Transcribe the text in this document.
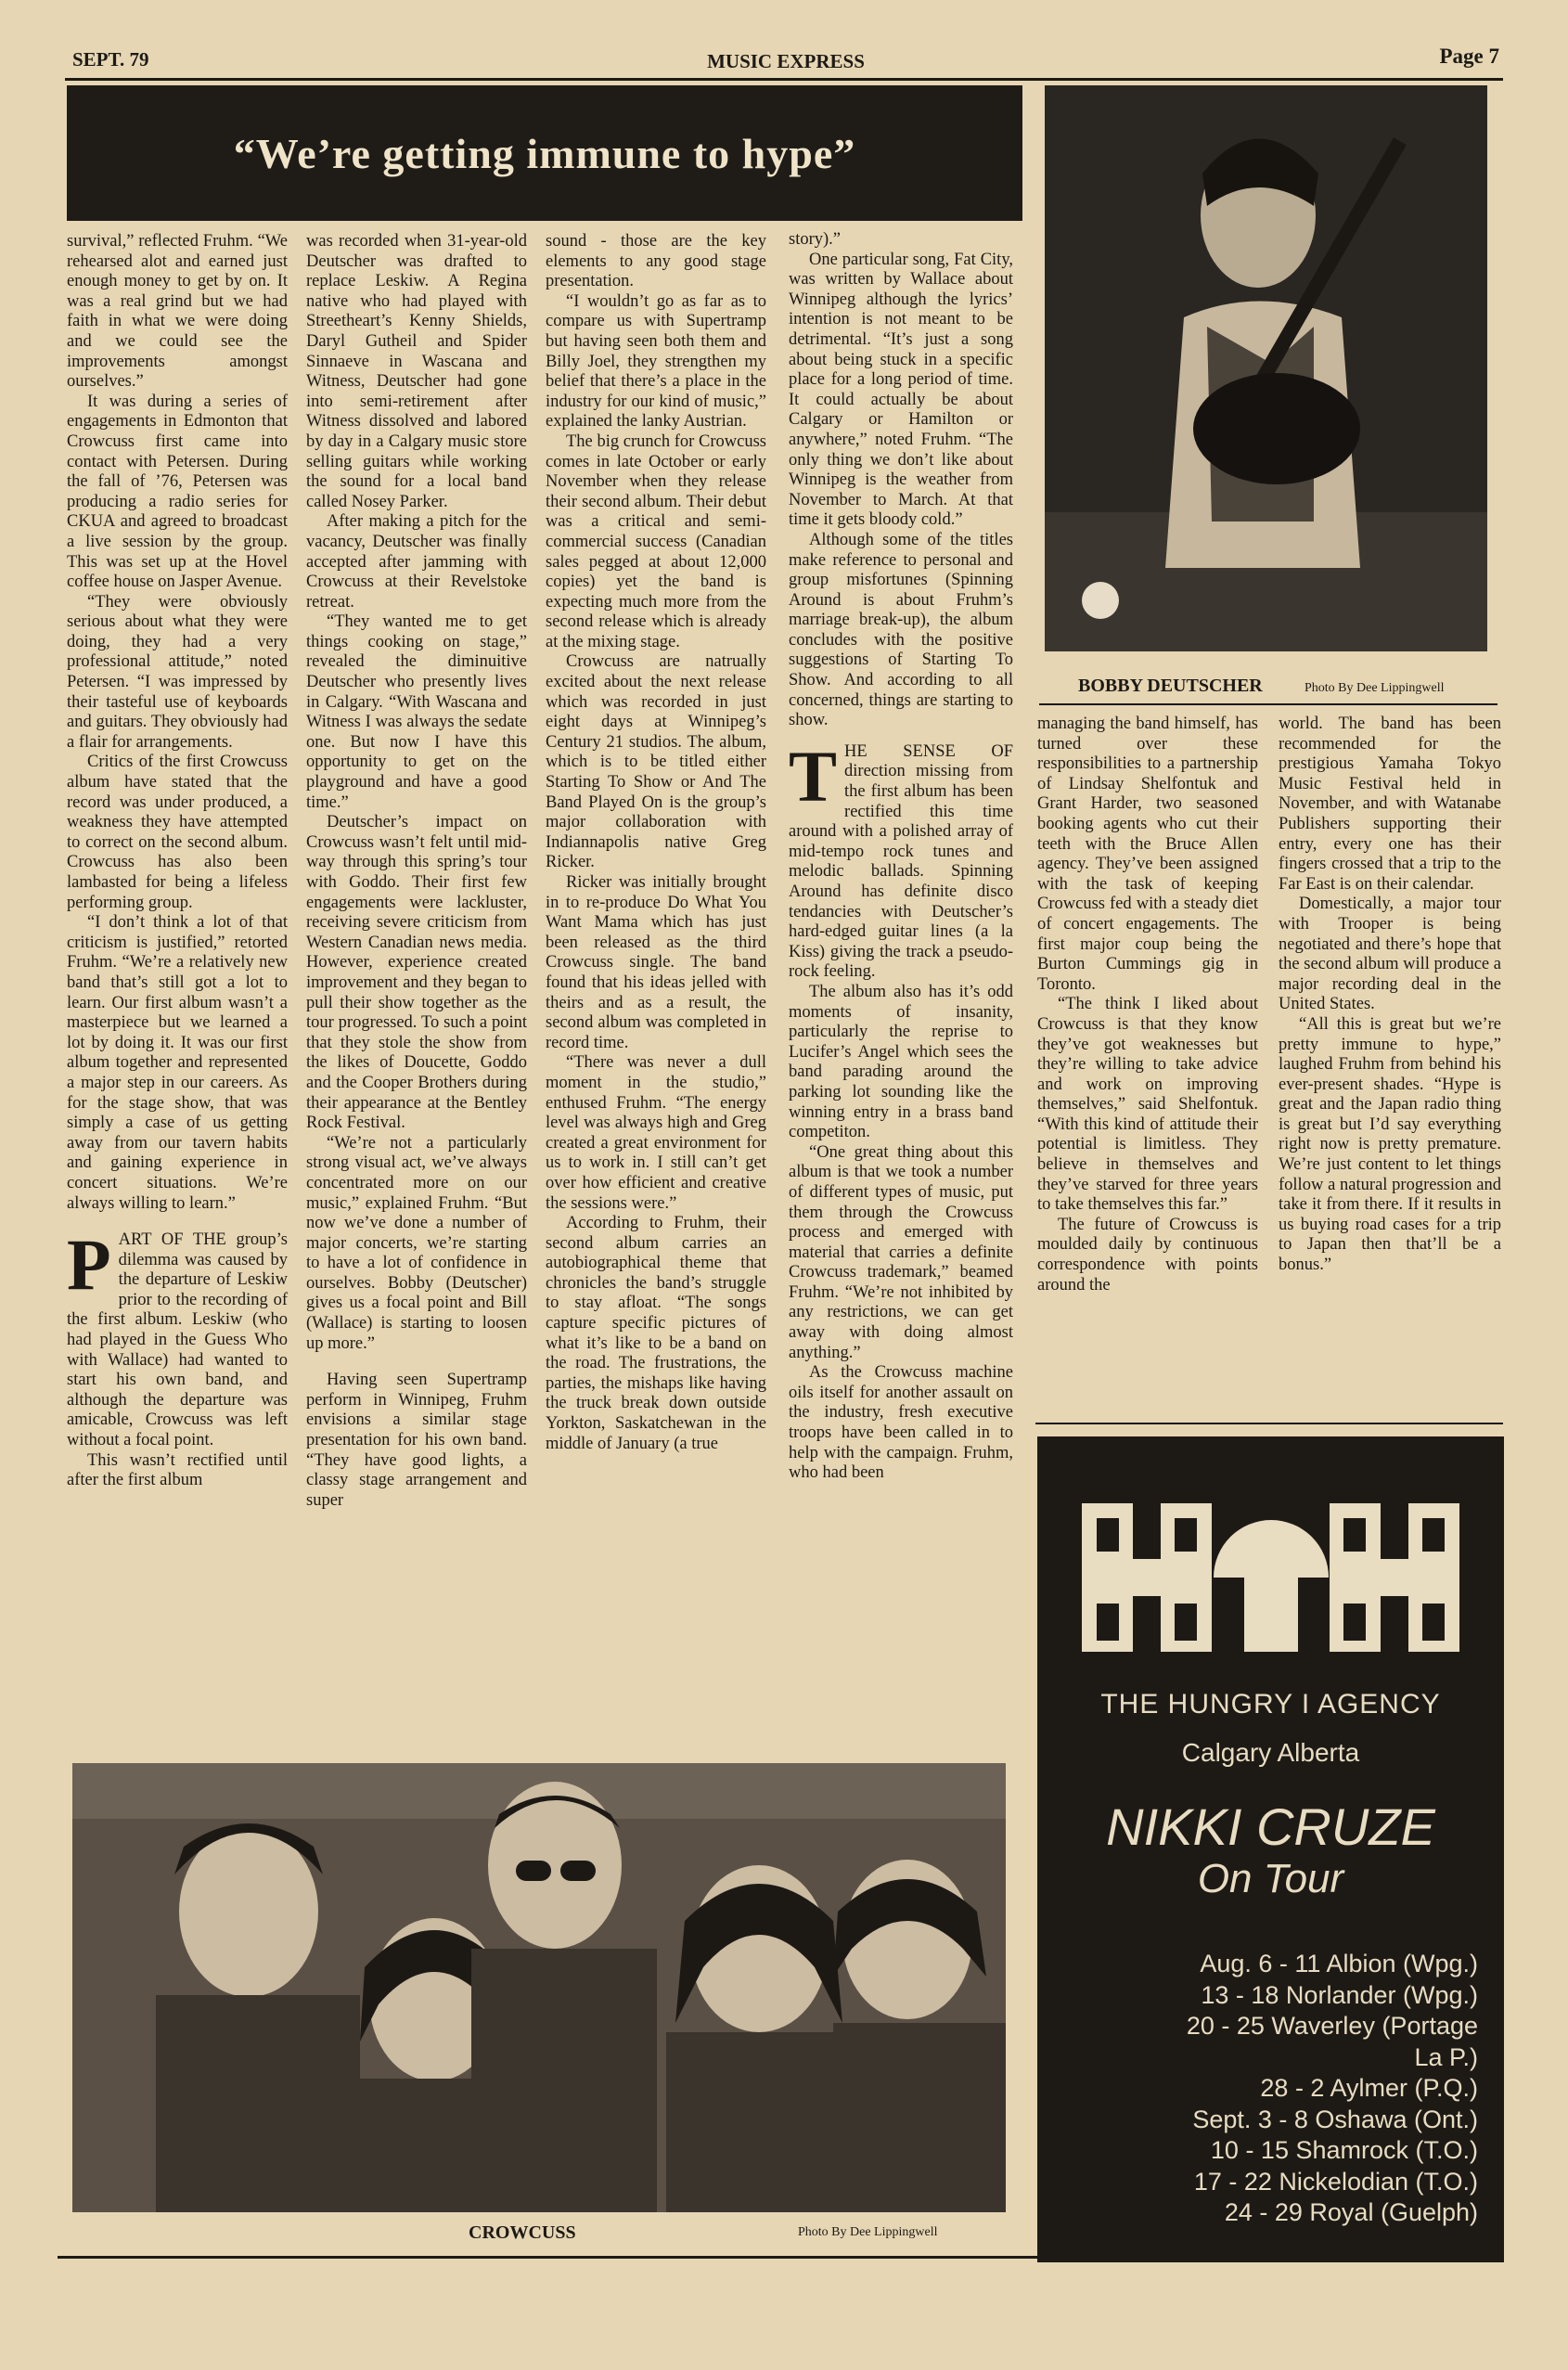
SEPT. 79	MUSIC EXPRESS	Page 7
“We’re getting immune to hype”

survival,” reflected Fruhm. “We rehearsed alot and earned just enough money to get by on. It was a real grind but we had faith in what we were doing and we could see the improvements amongst ourselves.”

It was during a series of engagements in Edmonton that Crowcuss first came into contact with Petersen. During the fall of ’76, Petersen was producing a radio series for CKUA and agreed to broadcast a live session by the group. This was set up at the Hovel coffee house on Jasper Avenue.

“They were obviously serious about what they were doing, they had a very professional attitude,” noted Petersen. “I was impressed by their tasteful use of keyboards and guitars. They obviously had a flair for arrangements.

Critics of the first Crowcuss album have stated that the record was under produced, a weakness they have attempted to correct on the second album. Crowcuss has also been lambasted for being a lifeless performing group.

“I don’t think a lot of that criticism is justified,” retorted Fruhm. “We’re a relatively new band that’s still got a lot to learn. Our first album wasn’t a masterpiece but we learned a lot by doing it. It was our first album together and represented a major step in our careers. As for the stage show, that was simply a case of us getting away from our tavern habits and gaining experience in concert situations. We’re always willing to learn.”

PART OF THE group’s dilemma was caused by the departure of Leskiw prior to the recording of the first album. Leskiw (who had played in the Guess Who with Wallace) had wanted to start his own band, and although the departure was amicable, Crowcuss was left without a focal point.

This wasn’t rectified until after the first album

was recorded when 31-year-old Deutscher was drafted to replace Leskiw. A Regina native who had played with Streetheart’s Kenny Shields, Daryl Gutheil and Spider Sinnaeve in Wascana and Witness, Deutscher had gone into semi-retirement after Witness dissolved and labored by day in a Calgary music store selling guitars while working the sound for a local band called Nosey Parker.

After making a pitch for the vacancy, Deutscher was finally accepted after jamming with Crowcuss at their Revelstoke retreat.

“They wanted me to get things cooking on stage,” revealed the diminuitive Deutscher who presently lives in Calgary. “With Wascana and Witness I was always the sedate one. But now I have this opportunity to get on the playground and have a good time.”

Deutscher’s impact on Crowcuss wasn’t felt until mid-way through this spring’s tour with Goddo. Their first few engagements were lackluster, receiving severe criticism from Western Canadian news media. However, experience created improvement and they began to pull their show together as the tour progressed. To such a point that they stole the show from the likes of Doucette, Goddo and the Cooper Brothers during their appearance at the Bentley Rock Festival.

“We’re not a particularly strong visual act, we’ve always concentrated more on our music,” explained Fruhm. “But now we’ve done a number of major concerts, we’re starting to have a lot of confidence in ourselves. Bobby (Deutscher) gives us a focal point and Bill (Wallace) is starting to loosen up more.”

Having seen Supertramp perform in Winnipeg, Fruhm envisions a similar stage presentation for his own band. “They have good lights, a classy stage arrangement and super

sound - those are the key elements to any good stage presentation.

“I wouldn’t go as far as to compare us with Supertramp but having seen both them and Billy Joel, they strengthen my belief that there’s a place in the industry for our kind of music,” explained the lanky Austrian.

The big crunch for Crowcuss comes in late October or early November when they release their second album. Their debut was a critical and semi-commercial success (Canadian sales pegged at about 12,000 copies) yet the band is expecting much more from the second release which is already at the mixing stage.

Crowcuss are natrually excited about the next release which was recorded in just eight days at Winnipeg’s Century 21 studios. The album, which is to be titled either Starting To Show or And The Band Played On is the group’s major collaboration with Indiannapolis native Greg Ricker.

Ricker was initially brought in to re-produce Do What You Want Mama which has just been released as the third Crowcuss single. The band found that his ideas jelled with theirs and as a result, the second album was completed in record time.

“There was never a dull moment in the studio,” enthused Fruhm. “The energy level was always high and Greg created a great environment for us to work in. I still can’t get over how efficient and creative the sessions were.”

According to Fruhm, their second album carries an autobiographical theme that chronicles the band’s struggle to stay afloat. “The songs capture specific pictures of what it’s like to be a band on the road. The frustrations, the parties, the mishaps like having the truck break down outside Yorkton, Saskatchewan in the middle of January (a true

story).”

One particular song, Fat City, was written by Wallace about Winnipeg although the lyrics’ intention is not meant to be detrimental. “It’s just a song about being stuck in a specific place for a long period of time. It could actually be about Calgary or Hamilton or anywhere,” noted Fruhm. “The only thing we don’t like about Winnipeg is the weather from November to March. At that time it gets bloody cold.”

Although some of the titles make reference to personal and group misfortunes (Spinning Around is about Fruhm’s marriage break-up), the album concludes with the positive suggestions of Starting To Show. And according to all concerned, things are starting to show.

THE SENSE OF direction missing from the first album has been rectified this time around with a polished array of mid-tempo rock tunes and melodic ballads. Spinning Around has definite disco tendancies with Deutscher’s hard-edged guitar lines (a la Kiss) giving the track a pseudo-rock feeling.

The album also has it’s odd moments of insanity, particularly the reprise to Lucifer’s Angel which sees the band parading around the parking lot sounding like the winning entry in a brass band competiton.

“One great thing about this album is that we took a number of different types of music, put them through the Crowcuss process and emerged with material that carries a definite Crowcuss trademark,” beamed Fruhm. “We’re not inhibited by any restrictions, we can get away with doing almost anything.”

As the Crowcuss machine oils itself for another assault on the industry, fresh executive troops have been called in to help with the campaign. Fruhm, who had been

BOBBY DEUTSCHER	Photo By Dee Lippingwell

managing the band himself, has turned over these responsibilities to a partnership of Lindsay Shelfontuk and Grant Harder, two seasoned booking agents who cut their teeth with the Bruce Allen agency. They’ve been assigned with the task of keeping Crowcuss fed with a steady diet of concert engagements. The first major coup being the Burton Cummings gig in Toronto.

“The think I liked about Crowcuss is that they know they’ve got weaknesses but they’re willing to take advice and work on improving themselves,” said Shelfontuk. “With this kind of attitude their potential is limitless. They believe in themselves and they’ve starved for three years to take themselves this far.”

The future of Crowcuss is moulded daily by continuous correspondence with points around the

world. The band has been recommended for the prestigious Yamaha Tokyo Music Festival held in November, and with Watanabe Publishers supporting their entry, every one has their fingers crossed that a trip to the Far East is on their calendar.

Domestically, a major tour with Trooper is being negotiated and there’s hope that the second album will produce a major recording deal in the United States.

“All this is great but we’re pretty immune to hype,” laughed Fruhm from behind his ever-present shades. “Hype is great and the Japan radio thing is great but I’d say everything right now is pretty premature. We’re just content to let things follow a natural progression and take it from there. If it results in us buying road cases for a trip to Japan then that’ll be a bonus.”

THE HUNGRY I AGENCY
Calgary Alberta
NIKKI CRUZE
On Tour
Aug. 6 - 11 Albion (Wpg.)
13 - 18 Norlander (Wpg.)
20 - 25 Waverley (Portage
La P.)
28 - 2 Aylmer (P.Q.)
Sept. 3 - 8 Oshawa (Ont.)
10 - 15 Shamrock (T.O.)
17 - 22 Nickelodian (T.O.)
24 - 29 Royal (Guelph)
CROWCUSS	Photo By Dee Lippingwell
